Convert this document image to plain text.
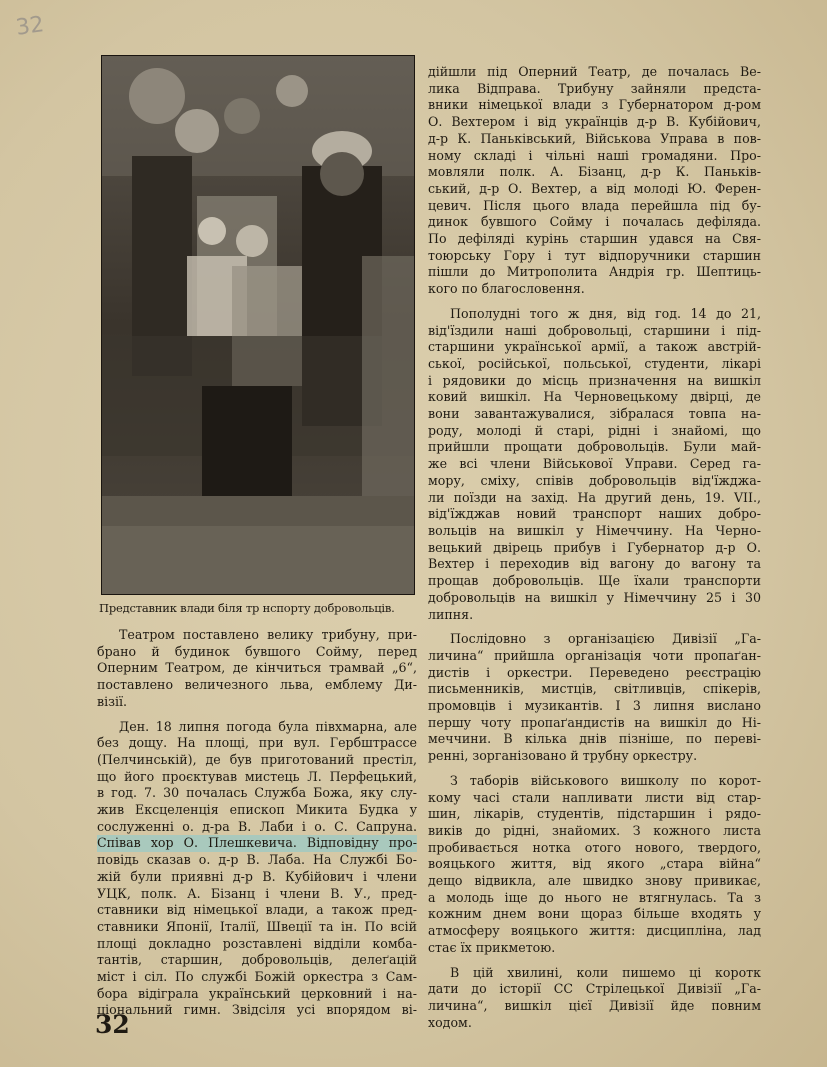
32
Представник влади біля тр нспорту добровольців.

Театром поставлено велику трибуну, при-
брано й будинок бувшого Сойму, перед
Оперним Театром, де кінчиться трамвай „6“,
поставлено величезного льва, емблему Ди-
візії.

Ден. 18 липня погода була півхмарна, але
без дощу. На площі, при вул. Гербштрассе
(Пелчинській), де був приготований престіл,
що його проєктував мистець Л. Перфецький,
в год. 7. 30 почалась Служба Божа, яку слу-
жив Ексцеленція епископ Микита Будка у
сослуженні о. д-ра В. Лаби і о. С. Сапруна.
Співав хор О. Плешкевича. Відповідну про-
повідь сказав о. д-р В. Лаба. На Службі Бо-
жій були приявні д-р В. Кубійович і члени
УЦК, полк. А. Бізанц і члени В. У., пред-
ставники від німецької влади, а також пред-
ставники Японії, Італії, Швеції та ін. По всій
площі докладно розставлені відділи комба-
тантів, старшин, добровольців, делеґацій
міст і сіл. По службі Божій оркестра з Сам-
бора відіграла український церковний і на-
ціональний гимн. Звідсіля усі впорядом ві-

дійшли під Оперний Театр, де почалась Ве-
лика Відправа. Трибуну зайняли предста-
вники німецької влади з Губернатором д-ром
О. Вехтером і від українців д-р В. Кубійович,
д-р К. Паньківський, Військова Управа в пов-
ному складі і чільні наші громадяни. Про-
мовляли полк. А. Бізанц, д-р К. Паньків-
ський, д-р О. Вехтер, а від молоді Ю. Ферен-
цевич. Після цього влада перейшла під бу-
динок бувшого Сойму і почалась дефіляда.
По дефіляді курінь старшин удався на Свя-
тоюрську Гору і тут відпоручники старшин
пішли до Митрополита Андрія гр. Шептиць-
кого по благословення.

Пополудні того ж дня, від год. 14 до 21,
від'їздили наші добровольці, старшини і під-
старшини української армії, а також австрій-
ської, російської, польської, студенти, лікарі
і рядовики до місць призначення на вишкіл
ковий вишкіл. На Черновецькому двірці, де
вони завантажувалися, зібралася товпа на-
роду, молоді й старі, рідні і знайомі, що
прийшли прощати добровольців. Були май-
же всі члени Військової Управи. Серед га-
мору, сміху, співів добровольців від'їжджа-
ли поїзди на захід. На другий день, 19. VII.,
від'їжджав новий транспорт наших добро-
вольців на вишкіл у Німеччину. На Черно-
вецький двірець прибув і Губернатор д-р О.
Вехтер і переходив від вагону до вагону та
прощав добровольців. Ще їхали транспорти
добровольців на вишкіл у Німеччину 25 і 30
липня.

Послідовно з організацією Дивізії „Га-
личина“ прийшла організація чоти пропаґан-
дистів і оркестри. Переведено реєстрацію
письменників, мистців, світливців, спікерів,
промовців і музикантів. І 3 липня вислано
першу чоту пропаґандистів на вишкіл до Ні-
меччини. В кілька днів пізніше, по переві-
ренні, зорганізовано й трубну оркестру.

З таборів військового вишколу по корот-
кому часі стали напливати листи від стар-
шин, лікарів, студентів, підстаршин і рядо-
виків до рідні, знайомих. З кожного листа
пробивається нотка отого нового, твердого,
вояцького життя, від якого „стара війна“
дещо відвикла, але швидко знову привикає,
а молодь іще до нього не втягнулась. Та з
кожним днем вони щораз більше входять у
атмосферу вояцького життя: дисципліна, лад
стає їх прикметою.

В цій хвилині, коли пишемо ці коротк
дати до історії СС Стрілецької Дивізії „Га-
личина“, вишкіл цієї Дивізії йде повним
ходом.

32
